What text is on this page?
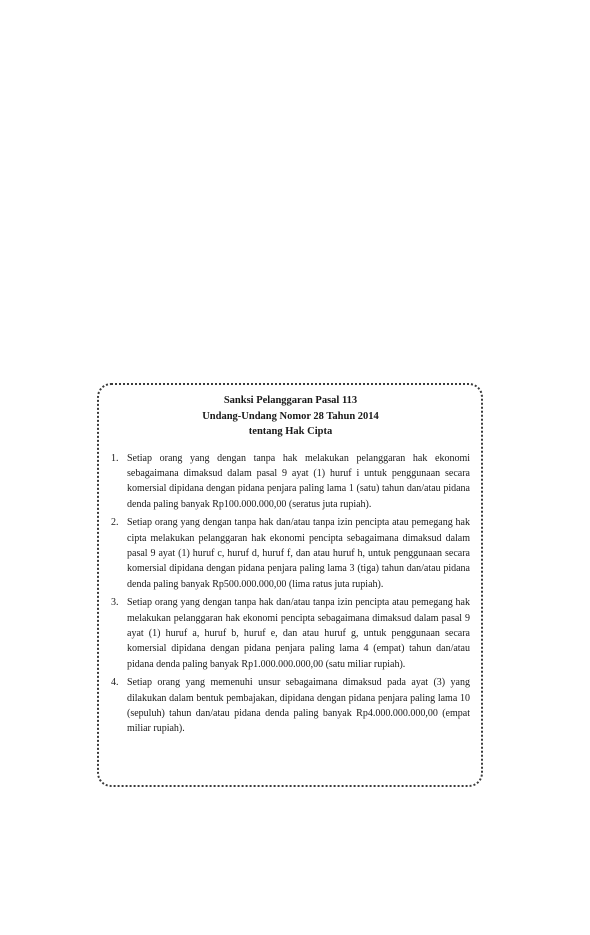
Sanksi Pelanggaran Pasal 113
Undang-Undang Nomor 28 Tahun 2014
tentang Hak Cipta
1. Setiap orang yang dengan tanpa hak melakukan pelanggaran hak ekonomi sebagaimana dimaksud dalam pasal 9 ayat (1) huruf i untuk penggunaan secara komersial dipidana dengan pidana penjara paling lama 1 (satu) tahun dan/atau pidana denda paling banyak Rp100.000.000,00 (seratus juta rupiah).
2. Setiap orang yang dengan tanpa hak dan/atau tanpa izin pencipta atau pemegang hak cipta melakukan pelanggaran hak ekonomi pencipta sebagaimana dimaksud dalam pasal 9 ayat (1) huruf c, huruf d, huruf f, dan atau huruf h, untuk penggunaan secara komersial dipidana dengan pidana penjara paling lama 3 (tiga) tahun dan/atau pidana denda paling banyak Rp500.000.000,00 (lima ratus juta rupiah).
3. Setiap orang yang dengan tanpa hak dan/atau tanpa izin pencipta atau pemegang hak melakukan pelanggaran hak ekonomi pencipta sebagaimana dimaksud dalam pasal 9 ayat (1) huruf a, huruf b, huruf e, dan atau huruf g, untuk penggunaan secara komersial dipidana dengan pidana penjara paling lama 4 (empat) tahun dan/atau pidana denda paling banyak Rp1.000.000.000,00 (satu miliar rupiah).
4. Setiap orang yang memenuhi unsur sebagaimana dimaksud pada ayat (3) yang dilakukan dalam bentuk pembajakan, dipidana dengan pidana penjara paling lama 10 (sepuluh) tahun dan/atau pidana denda paling banyak Rp4.000.000.000,00 (empat miliar rupiah).
